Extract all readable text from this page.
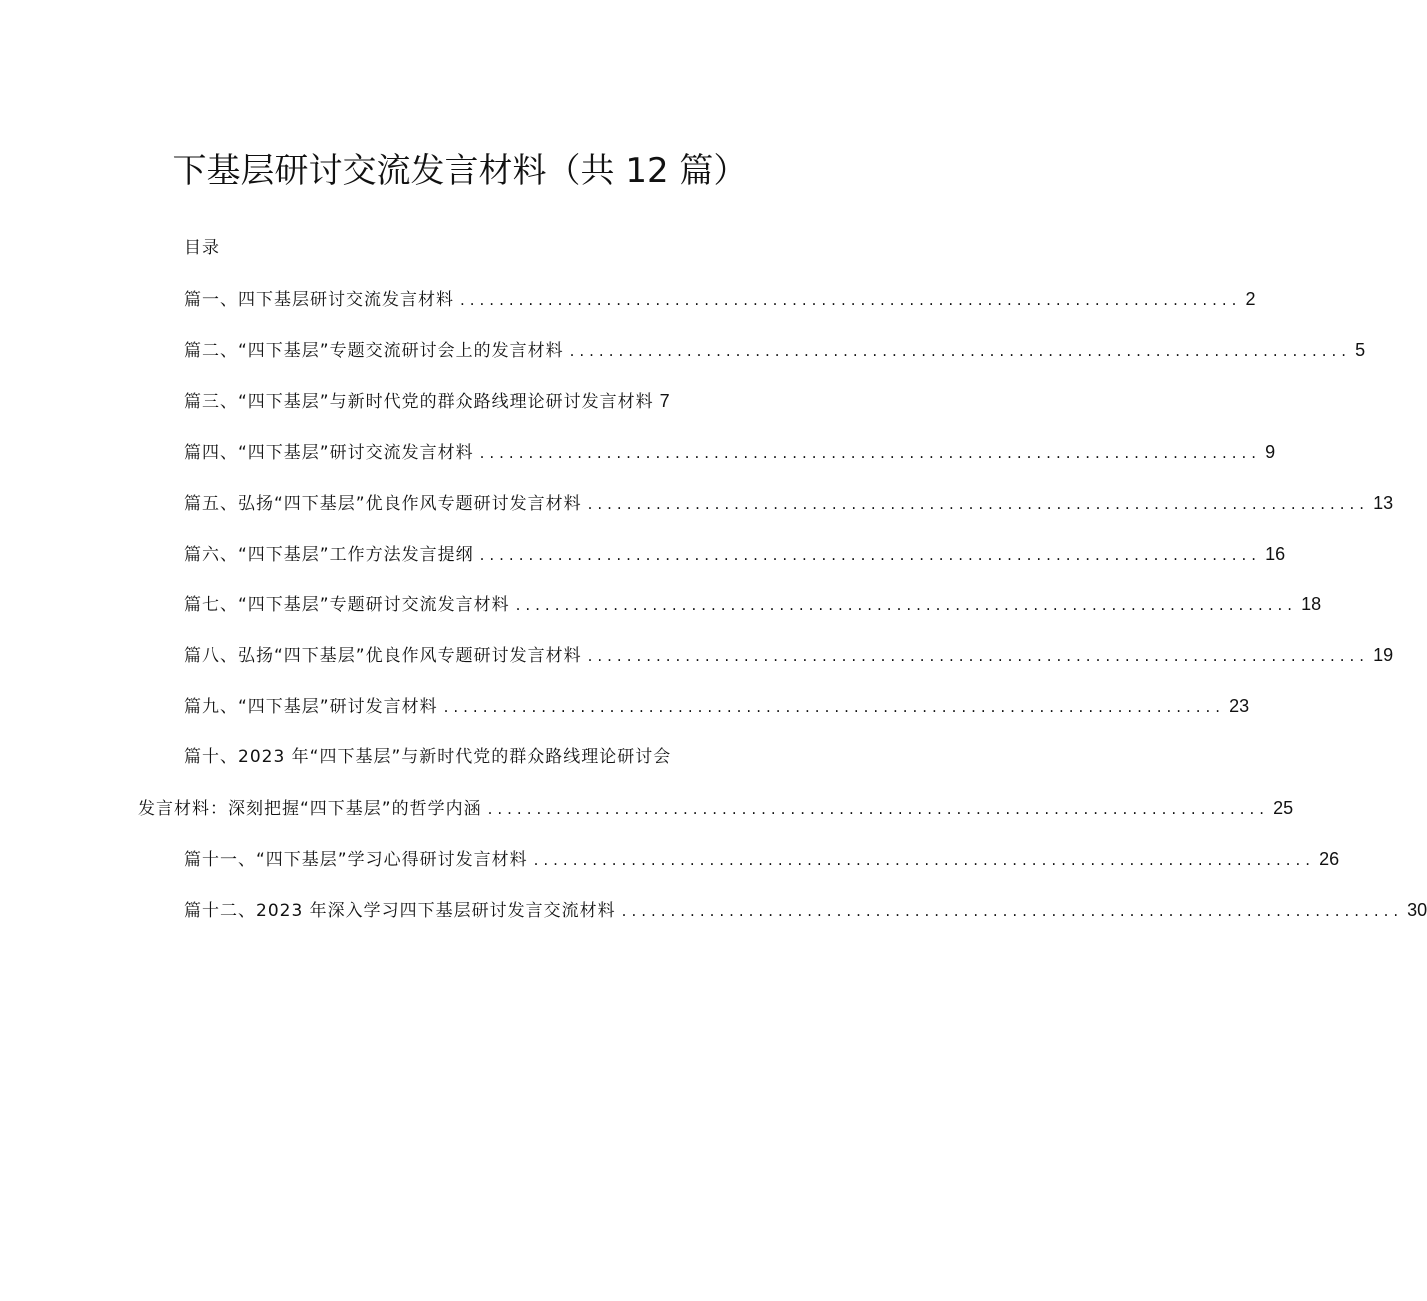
下基层研讨交流发言材料（共 12 篇）
目录
篇一、四下基层研讨交流发言材料 ................................................................................ 2
篇二、“四下基层”专题交流研讨会上的发言材料 ................................................................................ 5
篇三、“四下基层”与新时代党的群众路线理论研讨发言材料 7
篇四、“四下基层”研讨交流发言材料 ................................................................................ 9
篇五、弘扬“四下基层”优良作风专题研讨发言材料 ................................................................................ 13
篇六、“四下基层”工作方法发言提纲 ................................................................................ 16
篇七、“四下基层”专题研讨交流发言材料 ................................................................................ 18
篇八、弘扬“四下基层”优良作风专题研讨发言材料 ................................................................................ 19
篇九、“四下基层”研讨发言材料 ................................................................................ 23
篇十、2023 年“四下基层”与新时代党的群众路线理论研讨会
发言材料：深刻把握“四下基层”的哲学内涵 ................................................................................ 25
篇十一、“四下基层”学习心得研讨发言材料 ................................................................................ 26
篇十二、2023 年深入学习四下基层研讨发言交流材料 ................................................................................ 30
